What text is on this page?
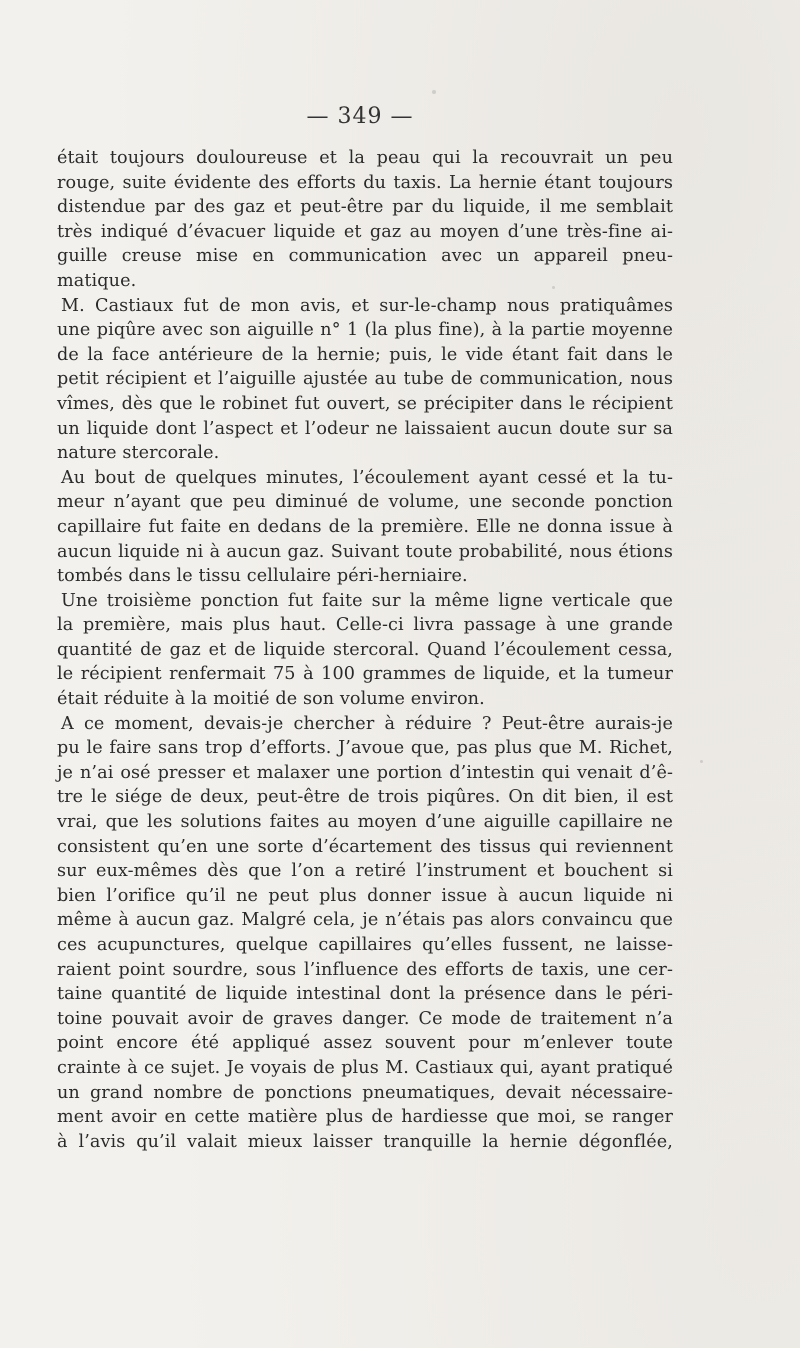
— 349 —
était toujours douloureuse et la peau qui la recouvrait un peu
rouge, suite évidente des efforts du taxis. La hernie étant toujours
distendue par des gaz et peut-être par du liquide, il me semblait
très indiqué d’évacuer liquide et gaz au moyen d’une très-fine ai-
guille creuse mise en communication avec un appareil pneu-
matique.
M. Castiaux fut de mon avis, et sur-le-champ nous pratiquâmes
une piqûre avec son aiguille n° 1 (la plus fine), à la partie moyenne
de la face antérieure de la hernie; puis, le vide étant fait dans le
petit récipient et l’aiguille ajustée au tube de communication, nous
vîmes, dès que le robinet fut ouvert, se précipiter dans le récipient
un liquide dont l’aspect et l’odeur ne laissaient aucun doute sur sa
nature stercorale.
Au bout de quelques minutes, l’écoulement ayant cessé et la tu-
meur n’ayant que peu diminué de volume, une seconde ponction
capillaire fut faite en dedans de la première. Elle ne donna issue à
aucun liquide ni à aucun gaz. Suivant toute probabilité, nous étions
tombés dans le tissu cellulaire péri-herniaire.
Une troisième ponction fut faite sur la même ligne verticale que
la première, mais plus haut. Celle-ci livra passage à une grande
quantité de gaz et de liquide stercoral. Quand l’écoulement cessa,
le récipient renfermait 75 à 100 grammes de liquide, et la tumeur
était réduite à la moitié de son volume environ.
A ce moment, devais-je chercher à réduire ? Peut-être aurais-je
pu le faire sans trop d’efforts. J’avoue que, pas plus que M. Richet,
je n’ai osé presser et malaxer une portion d’intestin qui venait d’ê-
tre le siége de deux, peut-être de trois piqûres. On dit bien, il est
vrai, que les solutions faites au moyen d’une aiguille capillaire ne
consistent qu’en une sorte d’écartement des tissus qui reviennent
sur eux-mêmes dès que l’on a retiré l’instrument et bouchent si
bien l’orifice qu’il ne peut plus donner issue à aucun liquide ni
même à aucun gaz. Malgré cela, je n’étais pas alors convaincu que
ces acupunctures, quelque capillaires qu’elles fussent, ne laisse-
raient point sourdre, sous l’influence des efforts de taxis, une cer-
taine quantité de liquide intestinal dont la présence dans le péri-
toine pouvait avoir de graves danger. Ce mode de traitement n’a
point encore été appliqué assez souvent pour m’enlever toute
crainte à ce sujet. Je voyais de plus M. Castiaux qui, ayant pratiqué
un grand nombre de ponctions pneumatiques, devait nécessaire-
ment avoir en cette matière plus de hardiesse que moi, se ranger
à l’avis qu’il valait mieux laisser tranquille la hernie dégonflée,
